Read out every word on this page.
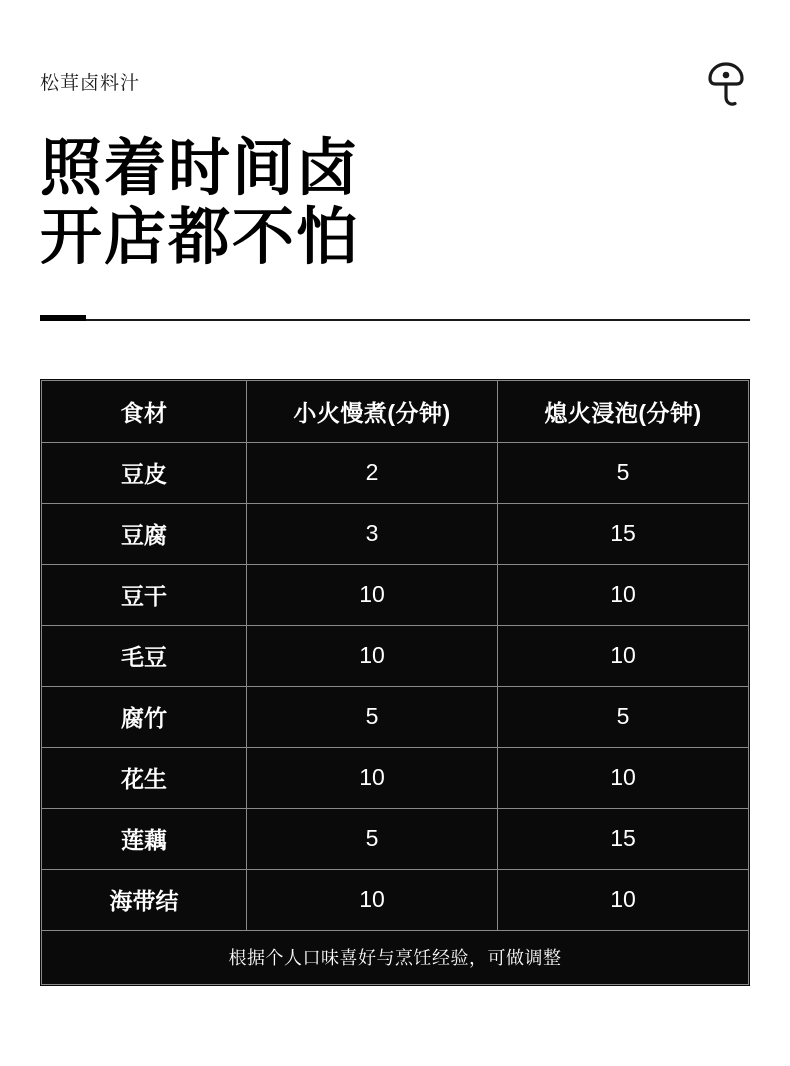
松茸卤料汁
照着时间卤
开店都不怕
食材	小火慢煮(分钟)	熄火浸泡(分钟)
豆皮	2	5
豆腐	3	15
豆干	10	10
毛豆	10	10
腐竹	5	5
花生	10	10
莲藕	5	15
海带结	10	10
根据个人口味喜好与烹饪经验，可做调整		
